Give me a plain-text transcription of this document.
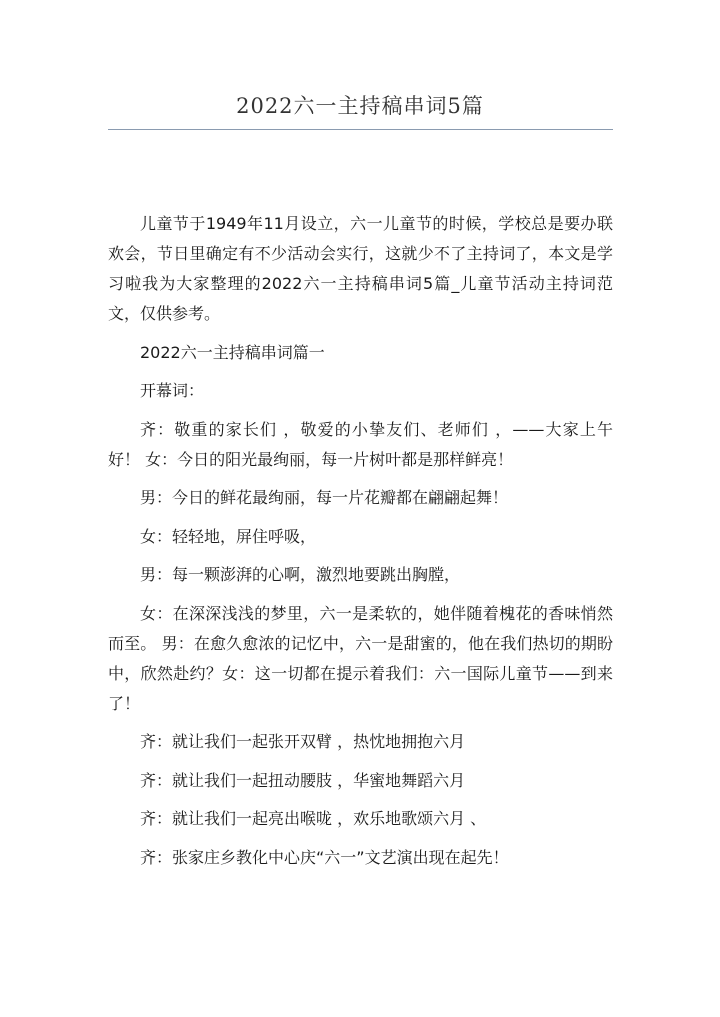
2022六一主持稿串词5篇

儿童节于1949年11月设立，六一儿童节的时候，学校总是要办联欢会，节日里确定有不少活动会实行，这就少不了主持词了，本文是学习啦我为大家整理的2022六一主持稿串词5篇_儿童节活动主持词范文，仅供参考。

2022六一主持稿串词篇一

开幕词：

齐：敬重的家长们 ，敬爱的小挚友们、老师们 ，——大家上午好！ 女：今日的阳光最绚丽，每一片树叶都是那样鲜亮！

男：今日的鲜花最绚丽，每一片花瓣都在翩翩起舞！

女：轻轻地，屏住呼吸，

男：每一颗澎湃的心啊，激烈地要跳出胸膛，

女：在深深浅浅的梦里，六一是柔软的，她伴随着槐花的香味悄然而至。 男：在愈久愈浓的记忆中，六一是甜蜜的，他在我们热切的期盼中，欣然赴约？女：这一切都在提示着我们：六一国际儿童节——到来了！

齐：就让我们一起张开双臂 ，热忱地拥抱六月

齐：就让我们一起扭动腰肢 ，华蜜地舞蹈六月

齐：就让我们一起亮出喉咙 ，欢乐地歌颂六月 、

齐：张家庄乡教化中心庆“六一”文艺演出现在起先！
